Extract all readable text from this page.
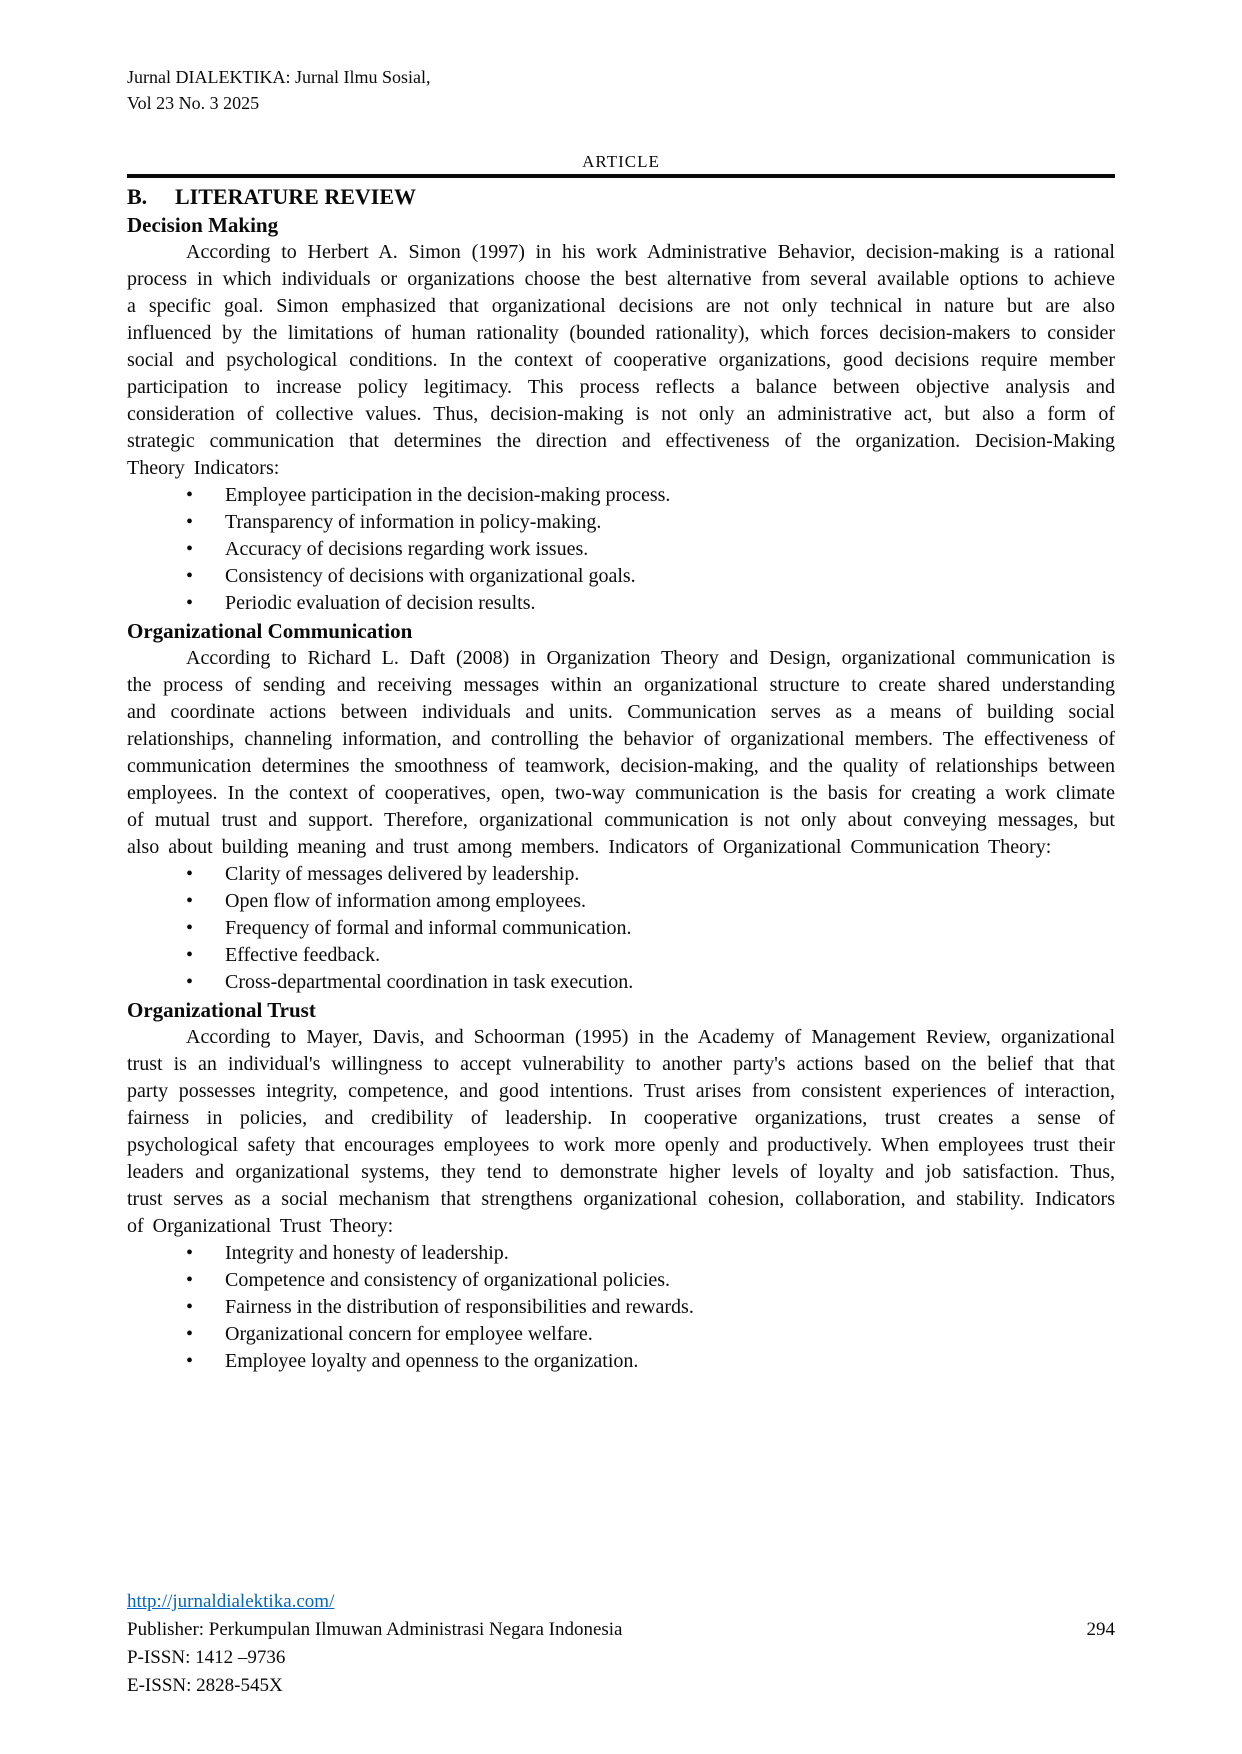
Jurnal DIALEKTIKA: Jurnal Ilmu Sosial,
Vol 23 No. 3 2025
ARTICLE
B. LITERATURE REVIEW
Decision Making

According to Herbert A. Simon (1997) in his work Administrative Behavior, decision-making is a rational process in which individuals or organizations choose the best alternative from several available options to achieve a specific goal. Simon emphasized that organizational decisions are not only technical in nature but are also influenced by the limitations of human rationality (bounded rationality), which forces decision-makers to consider social and psychological conditions. In the context of cooperative organizations, good decisions require member participation to increase policy legitimacy. This process reflects a balance between objective analysis and consideration of collective values. Thus, decision-making is not only an administrative act, but also a form of strategic communication that determines the direction and effectiveness of the organization. Decision-Making Theory Indicators:

• Employee participation in the decision-making process.
• Transparency of information in policy-making.
• Accuracy of decisions regarding work issues.
• Consistency of decisions with organizational goals.
• Periodic evaluation of decision results.
Organizational Communication

According to Richard L. Daft (2008) in Organization Theory and Design, organizational communication is the process of sending and receiving messages within an organizational structure to create shared understanding and coordinate actions between individuals and units. Communication serves as a means of building social relationships, channeling information, and controlling the behavior of organizational members. The effectiveness of communication determines the smoothness of teamwork, decision-making, and the quality of relationships between employees. In the context of cooperatives, open, two-way communication is the basis for creating a work climate of mutual trust and support. Therefore, organizational communication is not only about conveying messages, but also about building meaning and trust among members. Indicators of Organizational Communication Theory:

• Clarity of messages delivered by leadership.
• Open flow of information among employees.
• Frequency of formal and informal communication.
• Effective feedback.
• Cross-departmental coordination in task execution.
Organizational Trust

According to Mayer, Davis, and Schoorman (1995) in the Academy of Management Review, organizational trust is an individual's willingness to accept vulnerability to another party's actions based on the belief that that party possesses integrity, competence, and good intentions. Trust arises from consistent experiences of interaction, fairness in policies, and credibility of leadership. In cooperative organizations, trust creates a sense of psychological safety that encourages employees to work more openly and productively. When employees trust their leaders and organizational systems, they tend to demonstrate higher levels of loyalty and job satisfaction. Thus, trust serves as a social mechanism that strengthens organizational cohesion, collaboration, and stability. Indicators of Organizational Trust Theory:

• Integrity and honesty of leadership.
• Competence and consistency of organizational policies.
• Fairness in the distribution of responsibilities and rewards.
• Organizational concern for employee welfare.
• Employee loyalty and openness to the organization.
http://jurnaldialektika.com/
Publisher: Perkumpulan Ilmuwan Administrasi Negara Indonesia	294
P-ISSN: 1412 –9736
E-ISSN: 2828-545X
